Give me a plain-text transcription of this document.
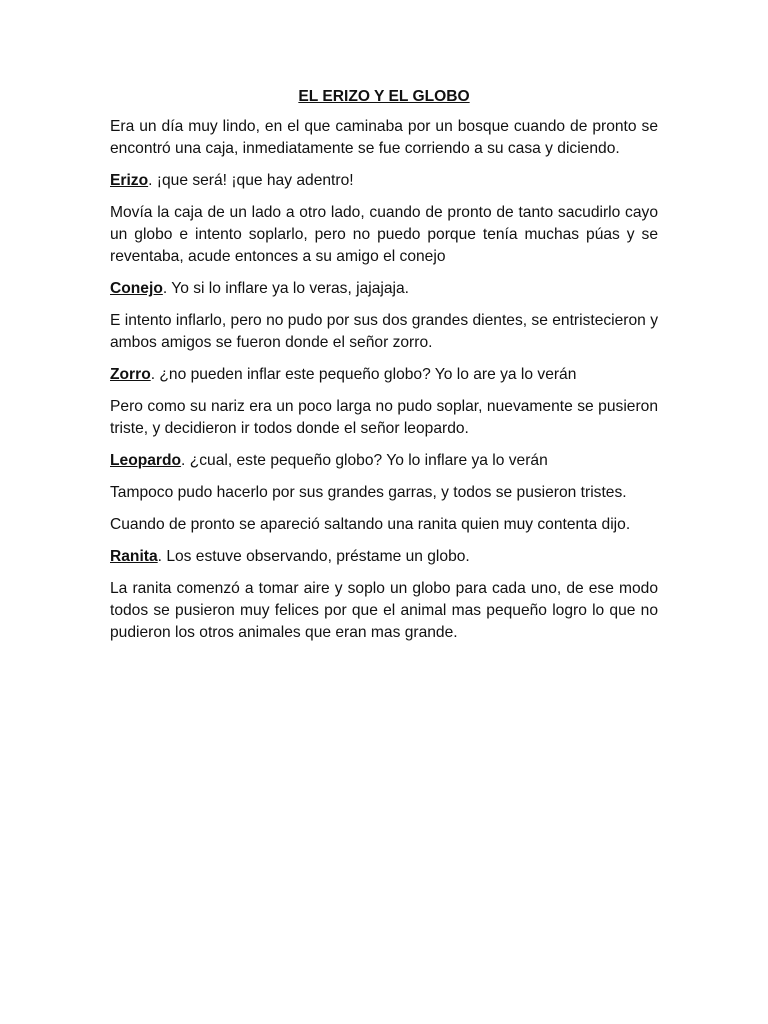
EL ERIZO Y EL GLOBO

Era un día muy lindo, en el que caminaba por un bosque cuando de pronto se encontró una caja, inmediatamente se fue corriendo a su casa y diciendo.

Erizo. ¡que será! ¡que hay adentro!

Movía la caja de un lado a otro lado, cuando de pronto de tanto sacudirlo cayo un globo e intento soplarlo, pero no puedo porque tenía muchas púas y se reventaba, acude entonces a su amigo el conejo

Conejo. Yo si lo inflare ya lo veras, jajajaja.

E intento inflarlo, pero no pudo por sus dos grandes dientes, se entristecieron y ambos amigos se fueron donde el señor zorro.

Zorro. ¿no pueden inflar este pequeño globo? Yo lo are ya lo verán

Pero como su nariz era un poco larga no pudo soplar, nuevamente se pusieron triste, y decidieron ir todos donde el señor leopardo.

Leopardo. ¿cual, este pequeño globo? Yo lo inflare ya lo verán

Tampoco pudo hacerlo por sus grandes garras, y todos se pusieron tristes.

Cuando de pronto se apareció saltando una ranita quien muy contenta dijo.

Ranita. Los estuve observando, préstame un globo.

La ranita comenzó a tomar aire y soplo un globo para cada uno, de ese modo todos se pusieron muy felices por que el animal mas pequeño logro lo que no pudieron los otros animales que eran mas grande.
